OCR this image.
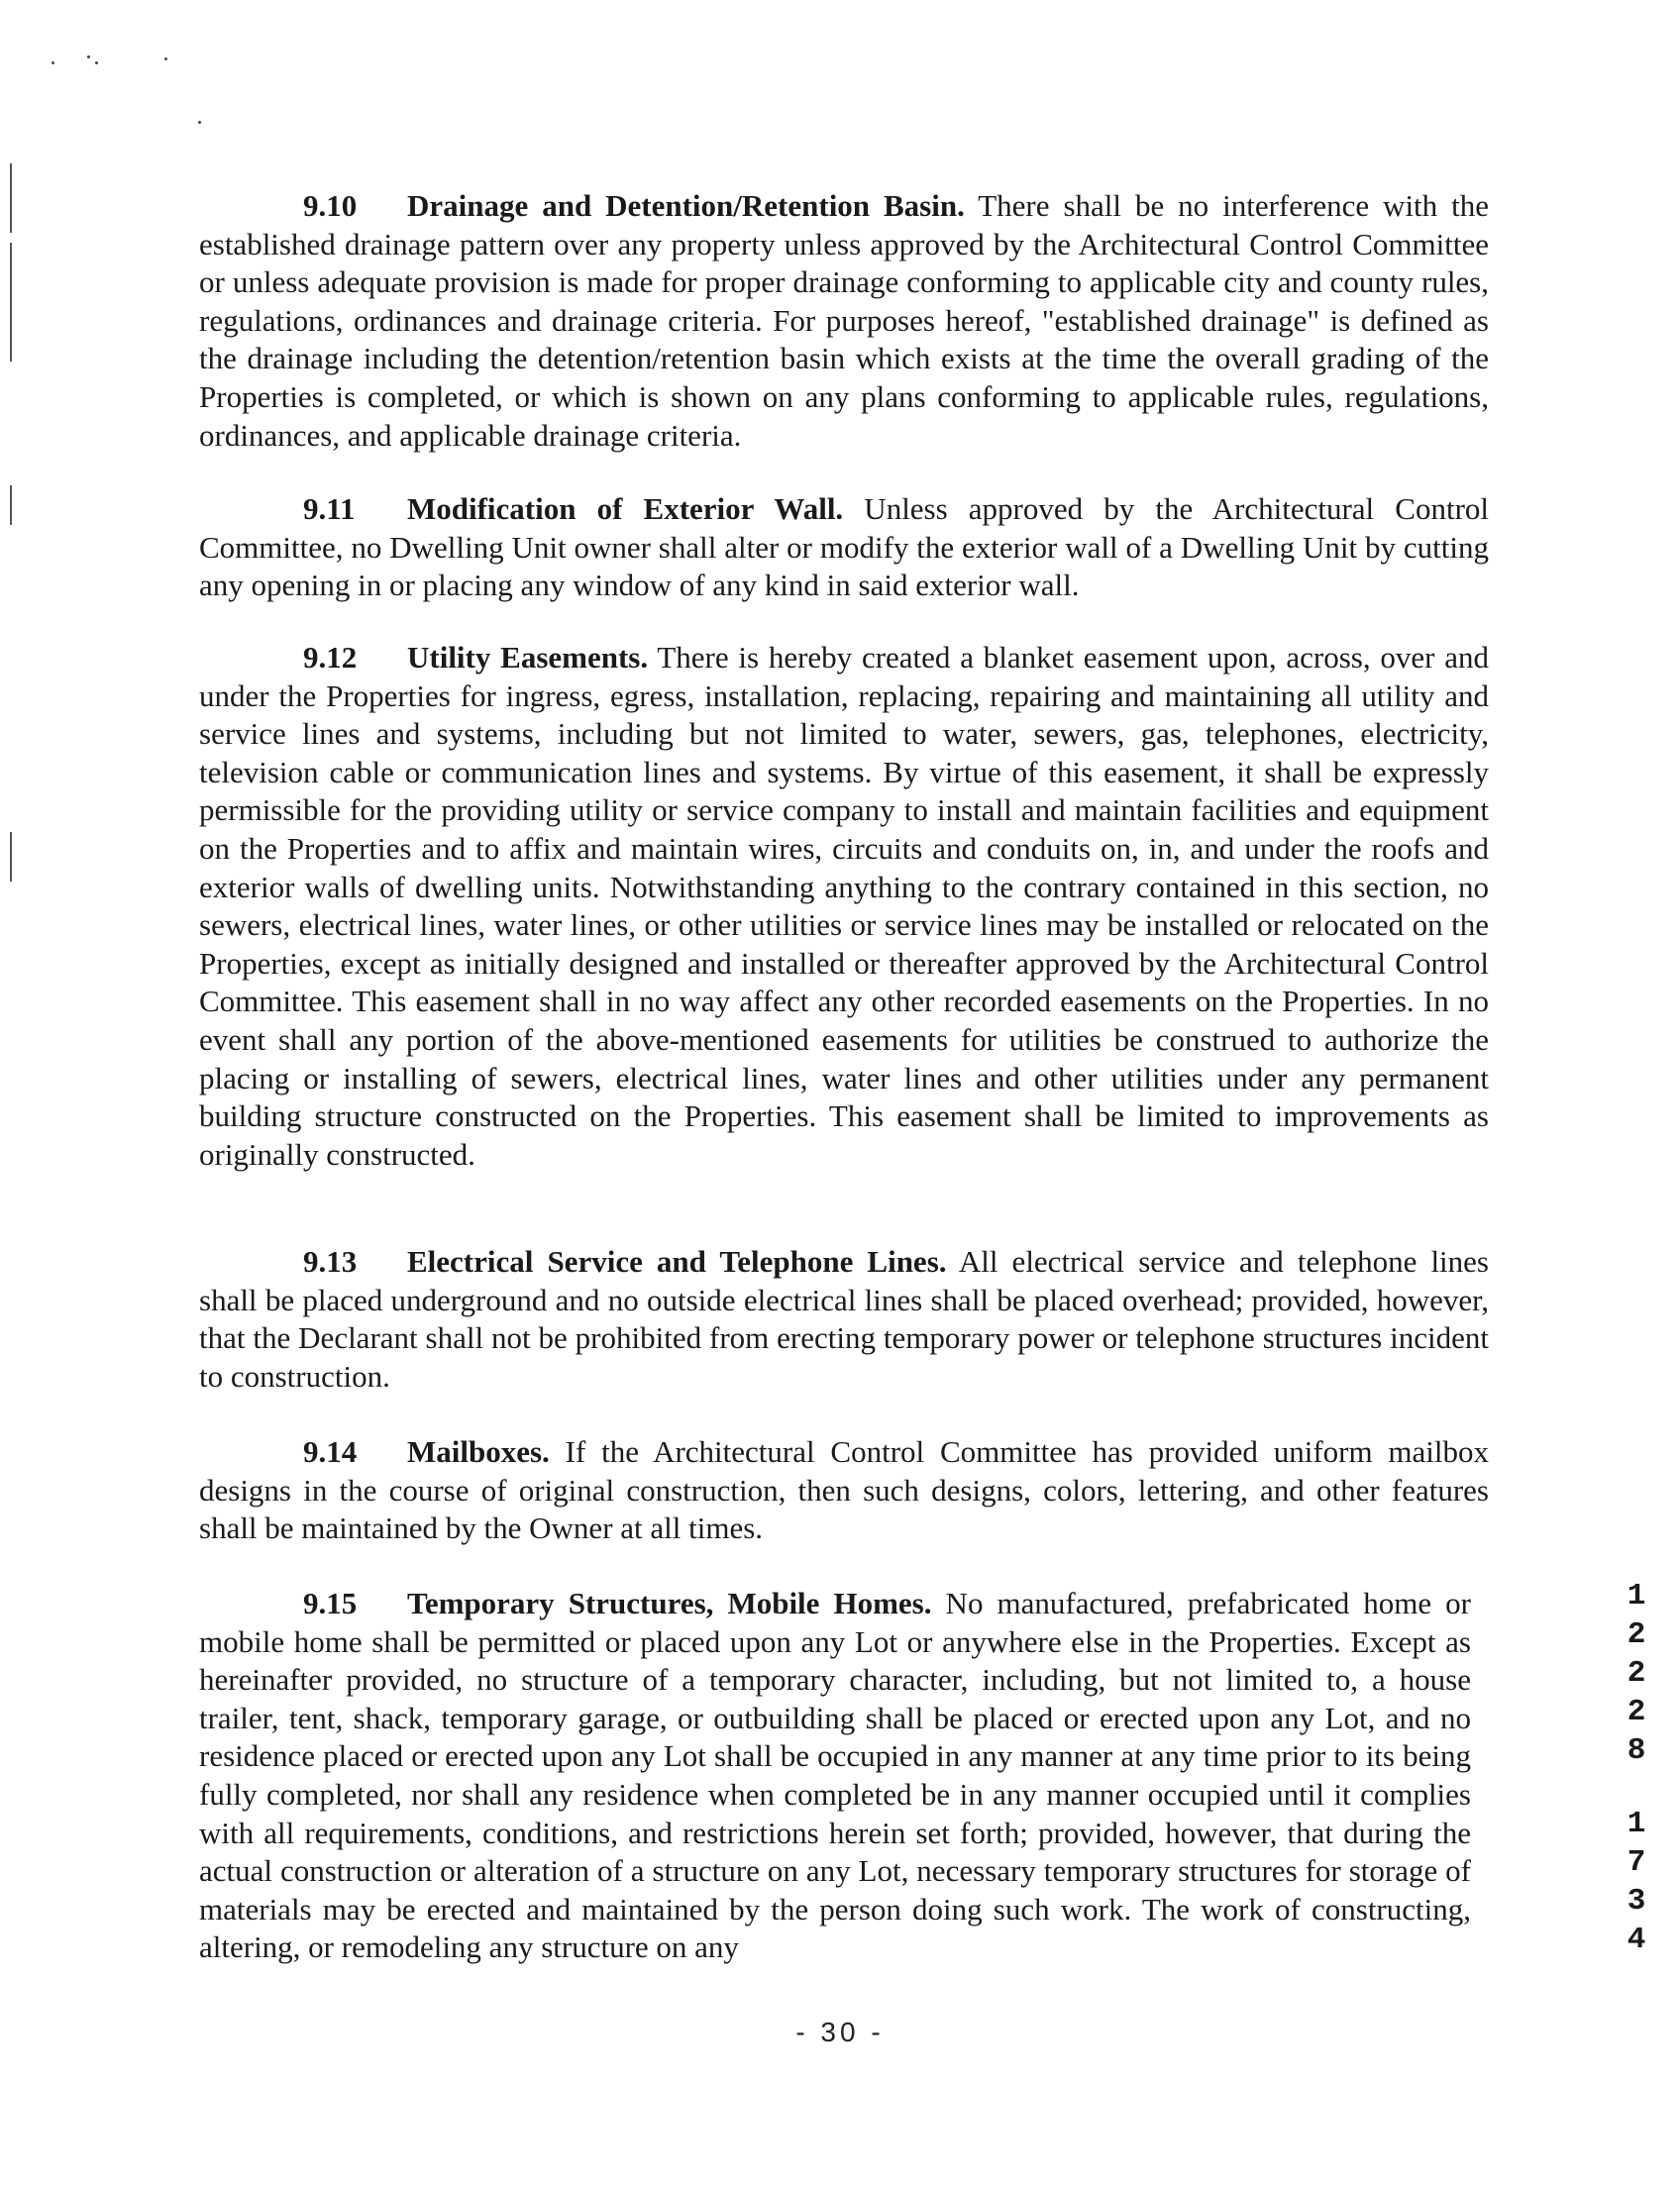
9.10 Drainage and Detention/Retention Basin. There shall be no interference with the established drainage pattern over any property unless approved by the Architectural Control Committee or unless adequate provision is made for proper drainage conforming to applicable city and county rules, regulations, ordinances and drainage criteria. For purposes hereof, "established drainage" is defined as the drainage including the detention/retention basin which exists at the time the overall grading of the Properties is completed, or which is shown on any plans conforming to applicable rules, regulations, ordinances, and applicable drainage criteria.

9.11 Modification of Exterior Wall. Unless approved by the Architectural Control Committee, no Dwelling Unit owner shall alter or modify the exterior wall of a Dwelling Unit by cutting any opening in or placing any window of any kind in said exterior wall.

9.12 Utility Easements. There is hereby created a blanket easement upon, across, over and under the Properties for ingress, egress, installation, replacing, repairing and maintaining all utility and service lines and systems, including but not limited to water, sewers, gas, telephones, electricity, television cable or communication lines and systems. By virtue of this easement, it shall be expressly permissible for the providing utility or service company to install and maintain facilities and equipment on the Properties and to affix and maintain wires, circuits and conduits on, in, and under the roofs and exterior walls of dwelling units. Notwithstanding anything to the contrary contained in this section, no sewers, electrical lines, water lines, or other utilities or service lines may be installed or relocated on the Properties, except as initially designed and installed or thereafter approved by the Architectural Control Committee. This easement shall in no way affect any other recorded easements on the Properties. In no event shall any portion of the above-mentioned easements for utilities be construed to authorize the placing or installing of sewers, electrical lines, water lines and other utilities under any permanent building structure constructed on the Properties. This easement shall be limited to improvements as originally constructed.

9.13 Electrical Service and Telephone Lines. All electrical service and telephone lines shall be placed underground and no outside electrical lines shall be placed overhead; provided, however, that the Declarant shall not be prohibited from erecting temporary power or telephone structures incident to construction.

9.14 Mailboxes. If the Architectural Control Committee has provided uniform mailbox designs in the course of original construction, then such designs, colors, lettering, and other features shall be maintained by the Owner at all times.

9.15 Temporary Structures, Mobile Homes. No manufactured, prefabricated home or mobile home shall be permitted or placed upon any Lot or anywhere else in the Properties. Except as hereinafter provided, no structure of a temporary character, including, but not limited to, a house trailer, tent, shack, temporary garage, or outbuilding shall be placed or erected upon any Lot, and no residence placed or erected upon any Lot shall be occupied in any manner at any time prior to its being fully completed, nor shall any residence when completed be in any manner occupied until it complies with all requirements, conditions, and restrictions herein set forth; provided, however, that during the actual construction or alteration of a structure on any Lot, necessary temporary structures for storage of materials may be erected and maintained by the person doing such work. The work of constructing, altering, or remodeling any structure on any

1
2
2
2
8
1
7
3
4
- 30 -
